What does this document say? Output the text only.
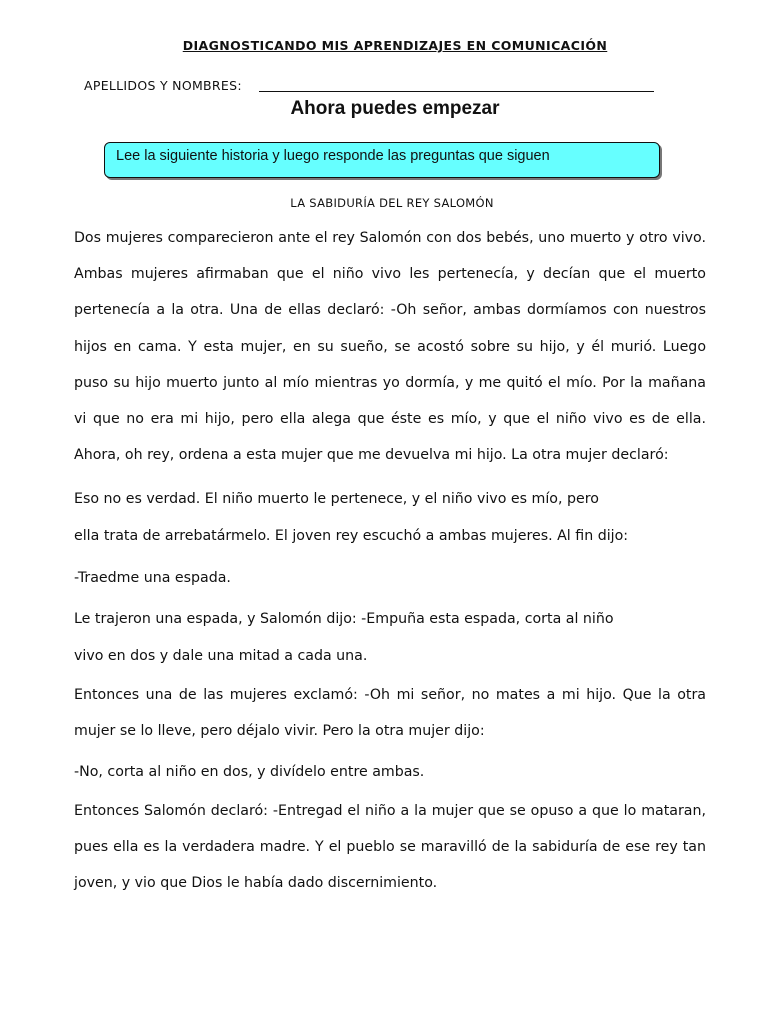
DIAGNOSTICANDO MIS APRENDIZAJES EN COMUNICACIÓN
APELLIDOS Y NOMBRES:
Ahora puedes empezar
Lee la siguiente historia y luego responde las preguntas que siguen
LA SABIDURÍA DEL REY SALOMÓN
Dos mujeres comparecieron ante el rey Salomón con dos bebés, uno muerto y otro vivo. Ambas mujeres afirmaban que el niño vivo les pertenecía, y decían que el muerto pertenecía a la otra. Una de ellas declaró: -Oh señor, ambas dormíamos con nuestros hijos en cama. Y esta mujer, en su sueño, se acostó sobre su hijo, y él murió. Luego puso su hijo muerto junto al mío mientras yo dormía, y me quitó el mío. Por la mañana vi que no era mi hijo, pero ella alega que éste es mío, y que el niño vivo es de ella. Ahora, oh rey, ordena a esta mujer que me devuelva mi hijo. La otra mujer declaró:
Eso no es verdad. El niño muerto le pertenece, y el niño vivo es mío, pero
ella trata de arrebatármelo. El joven rey escuchó a ambas mujeres. Al fin dijo:
-Traedme una espada.
Le trajeron una espada, y Salomón dijo: -Empuña esta espada, corta al niño
vivo en dos y dale una mitad a cada una.
Entonces una de las mujeres exclamó: -Oh mi señor, no mates a mi hijo. Que la otra mujer se lo lleve, pero déjalo vivir. Pero la otra mujer dijo:
-No, corta al niño en dos, y divídelo entre ambas.
Entonces Salomón declaró: -Entregad el niño a la mujer que se opuso a que lo mataran, pues ella es la verdadera madre. Y el pueblo se maravilló de la sabiduría de ese rey tan joven, y vio que Dios le había dado discernimiento.
